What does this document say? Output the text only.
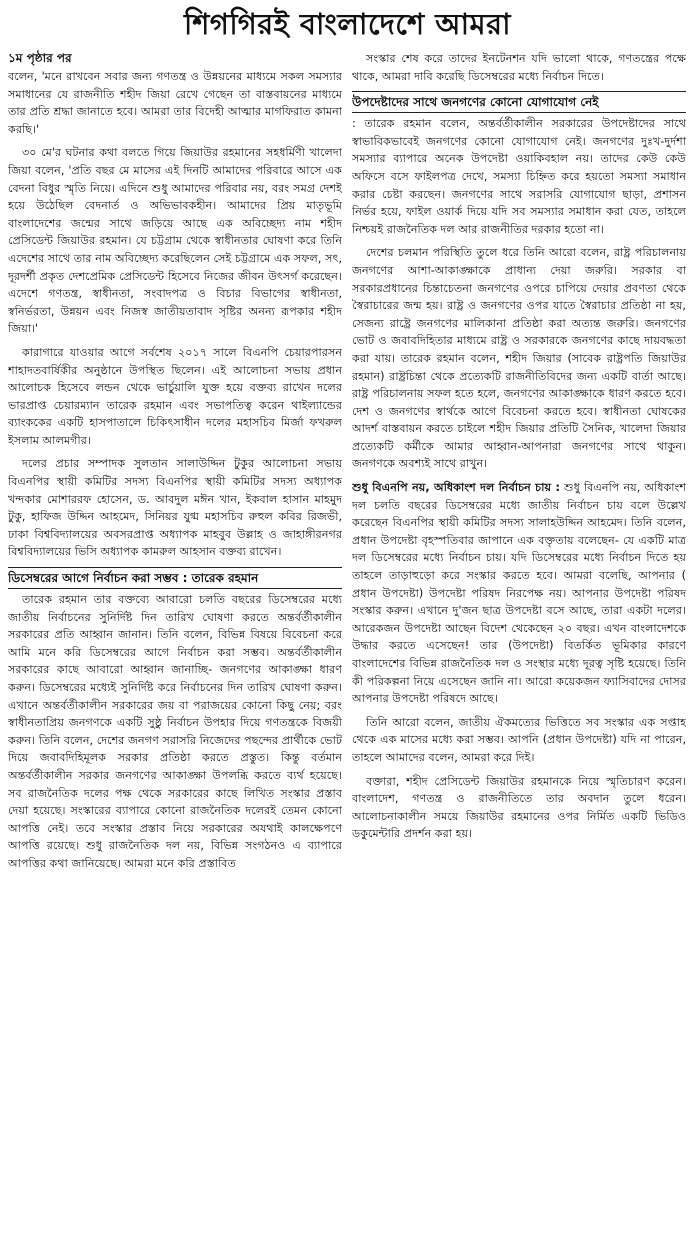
শিগগিরই বাংলাদেশে আমরা
১ম পৃষ্ঠার পর

বলেন, 'মনে রাখবেন সবার জন্য গণতন্ত্র ও উন্নয়নের মাধ্যমে সকল সমস্যার সমাধানের যে রাজনীতি শহীদ জিয়া রেখে গেছেন তা বাস্তবায়নের মাধ্যমে তার প্রতি শ্রদ্ধা জানাতে হবে। আমরা তার বিদেহী আত্মার মাগফিরাত কামনা করছি।'

৩০ মে'র ঘটনার কথা বলতে গিয়ে জিয়াউর রহমানের সহধর্মিণী খালেদা জিয়া বলেন, 'প্রতি বছর মে মাসের এই দিনটি আমাদের পরিবারে আসে এক বেদনা বিধুর স্মৃতি নিয়ে। এদিনে শুধু আমাদের পরিবার নয়, বরং সমগ্র দেশই হয়ে উঠেছিল বেদনার্ত ও অভিভাবকহীন। আমাদের প্রিয় মাতৃভূমি বাংলাদেশের জন্মের সাথে জড়িয়ে আছে এক অবিচ্ছেদ্য নাম শহীদ প্রেসিডেন্ট জিয়াউর রহমান। যে চট্টগ্রাম থেকে স্বাধীনতার ঘোষণা করে তিনি এদেশের সাথে তার নাম অবিচ্ছেদ্য করেছিলেন সেই চট্টগ্রামে এক সফল, সৎ, দূরদর্শী প্রকৃত দেশপ্রেমিক প্রেসিডেন্ট হিসেবে নিজের জীবন উৎসর্গ করেছেন। এদেশে গণতন্ত্র, স্বাধীনতা, সংবাদপত্র ও বিচার বিভাগের স্বাধীনতা, স্বনির্ভরতা, উন্নয়ন এবং নিজস্ব জাতীয়তাবাদ সৃষ্টির অনন্য রূপকার শহীদ জিয়া।'

কারাগারে যাওয়ার আগে সর্বশেষ ২০১৭ সালে বিএনপি চেয়ারপারসন শাহাদতবার্ষিকীর অনুষ্ঠানে উপস্থিত ছিলেন। এই আলোচনা সভায় প্রধান আলোচক হিসেবে লন্ডন থেকে ভার্চুয়ালি যুক্ত হয়ে বক্তব্য রাখেন দলের ভারপ্রাপ্ত চেয়ারম্যান তারেক রহমান এবং সভাপতিত্ব করেন থাইল্যান্ডের ব্যাংককের একটি হাসপাতালে চিকিৎসাধীন দলের মহাসচিব মির্জা ফখরুল ইসলাম আলমগীর।

দলের প্রচার সম্পাদক সুলতান সালাউদ্দিন টুকুর আলোচনা সভায় বিএনপির স্থায়ী কমিটির সদস্য বিএনপির স্থায়ী কমিটির সদস্য অধ্যাপক খন্দকার মোশাররফ হোসেন, ড. আবদুল মঈন খান, ইকবাল হাসান মাহমুদ টুকু, হাফিজ উদ্দিন আহমেদ, সিনিয়র যুগ্ম মহাসচিব রুহুল কবির রিজভী, ঢাকা বিশ্ববিদ্যালয়ের অবসরপ্রাপ্ত অধ্যাপক মাহবুব উল্লাহ ও জাহাঙ্গীরনগর বিশ্ববিদ্যালয়ের ভিসি অধ্যাপক কামরুল আহসান বক্তব্য রাখেন।

ডিসেম্বরের আগে নির্বাচন করা সম্ভব : তারেক রহমান

তারেক রহমান তার বক্তব্যে আবারো চলতি বছরের ডিসেম্বরের মধ্যে জাতীয় নির্বাচনের সুনির্দিষ্ট দিন তারিখ ঘোষণা করতে অন্তর্বর্তীকালীন সরকারের প্রতি আহ্বান জানান। তিনি বলেন, বিভিন্ন বিষয়ে বিবেচনা করে আমি মনে করি ডিসেম্বরের আগে নির্বাচন করা সম্ভব। অন্তর্বর্তীকালীন সরকারের কাছে আবারো আহ্বান জানাচ্ছি- জনগণের আকাঙ্ক্ষা ধারণ করুন। ডিসেম্বরের মধ্যেই সুনির্দিষ্ট করে নির্বাচনের দিন তারিখ ঘোষণা করুন। এখানে অন্তর্বর্তীকালীন সরকারের জয় বা পরাজয়ের কোনো কিছু নেয়; বরং স্বাধীনতাপ্রিয় জনগণকে একটি সুষ্ঠু নির্বাচন উপহার দিয়ে গণতন্ত্রকে বিজয়ী করুন। তিনি বলেন, দেশের জনগণ সরাসরি নিজেদের পছন্দের প্রার্থীকে ভোট দিয়ে জবাবদিহিমূলক সরকার প্রতিষ্ঠা করতে প্রস্তুত। কিন্তু বর্তমান অন্তর্বর্তীকালীন সরকার জনগণের আকাঙ্ক্ষা উপলব্ধি করতে ব্যর্থ হয়েছে। সব রাজনৈতিক দলের পক্ষ থেকে সরকারের কাছে লিখিত সংস্কার প্রস্তাব দেয়া হয়েছে। সংস্কারের ব্যাপারে কোনো রাজনৈতিক দলেরই তেমন কোনো আপত্তি নেই। তবে সংস্কার প্রস্তাব নিয়ে সরকারের অযথাই কালক্ষেপণে আপত্তি রয়েছে। শুধু রাজনৈতিক দল নয়, বিভিন্ন সংগঠনও এ ব্যাপারে আপত্তির কথা জানিয়েছে। আমরা মনে করি প্রস্তাবিত

সংস্কার শেষ করে তাদের ইনটেনশন যদি ভালো থাকে, গণতন্ত্রের পক্ষে থাকে, আমরা দাবি করেছি ডিসেম্বরের মধ্যে নির্বাচন দিতে।

উপদেষ্টাদের সাথে জনগণের কোনো যোগাযোগ নেই

: তারেক রহমান বলেন, অন্তর্বর্তীকালীন সরকারের উপদেষ্টাদের সাথে স্বাভাবিকভাবেই জনগণের কোনো যোগাযোগ নেই। জনগণের দুঃখ-দুর্দশা সমস্যার ব্যাপারে অনেক উপদেষ্টা ওয়াকিবহাল নয়। তাদের কেউ কেউ অফিসে বসে ফাইলপত্র দেখে, সমস্যা চিহ্নিত করে হয়তো সমস্যা সমাধান করার চেষ্টা করছেন। জনগণের সাথে সরাসরি যোগাযোগ ছাড়া, প্রশাসন নির্ভর হয়ে, ফাইল ওয়ার্ক দিয়ে যদি সব সমস্যার সমাধান করা যেত, তাহলে নিশ্চয়ই রাজনৈতিক দল আর রাজনীতির দরকার হতো না।

দেশের চলমান পরিস্থিতি তুলে ধরে তিনি আরো বলেন, রাষ্ট্র পরিচালনায় জনগণের আশা-আকাঙ্ক্ষাকে প্রাধান্য দেয়া জরুরি। সরকার বা সরকারপ্রধানের চিন্তাচেতনা জনগণের ওপরে চাপিয়ে দেয়ার প্রবণতা থেকে স্বৈরাচারের জন্ম হয়। রাষ্ট্র ও জনগণের ওপর যাতে স্বৈরাচার প্রতিষ্ঠা না হয়, সেজন্য রাষ্ট্রে জনগণের মালিকানা প্রতিষ্ঠা করা অত্যন্ত জরুরি। জনগণের ভোট ও জবাবদিহিতার মাধ্যমে রাষ্ট্র ও সরকারকে জনগণের কাছে দায়বদ্ধতা করা যায়। তারেক রহমান বলেন, শহীদ জিয়ার (সাবেক রাষ্ট্রপতি জিয়াউর রহমান) রাষ্ট্রচিন্তা থেকে প্রত্যেকটি রাজনীতিবিদের জন্য একটি বার্তা আছে। রাষ্ট্র পরিচালনায় সফল হতে হলে, জনগণের আকাঙ্ক্ষাকে ধারণ করতে হবে। দেশ ও জনগণের স্বার্থকে আগে বিবেচনা করতে হবে। স্বাধীনতা ঘোষকের আদর্শ বাস্তবায়ন করতে চাইলে শহীদ জিয়ার প্রতিটি সৈনিক, খালেদা জিয়ার প্রত্যেকটি কর্মীকে আমার আহ্বান-আপনারা জনগণের সাথে থাকুন। জনগণকে অবশ্যই সাথে রাখুন।

শুধু বিএনপি নয়, অধিকাংশ দল নির্বাচন চায় : শুধু বিএনপি নয়, অধিকাংশ দল চলতি বছরের ডিসেম্বরের মধ্যে জাতীয় নির্বাচন চায় বলে উল্লেখ করেছেন বিএনপির স্থায়ী কমিটির সদস্য সালাহউদ্দিন আহমেদ। তিনি বলেন, প্রধান উপদেষ্টা বৃহস্পতিবার জাপানে এক বক্তৃতায় বলেছেন- যে একটি মাত্র দল ডিসেম্বরের মধ্যে নির্বাচন চায়। যদি ডিসেম্বরের মধ্যে নির্বাচন দিতে হয় তাহলে তাড়াহুড়ো করে সংস্কার করতে হবে। আমরা বলেছি, আপনার ( প্রধান উপদেষ্টা) উপদেষ্টা পরিষদ নিরপেক্ষ নয়। আপনার উপদেষ্টা পরিষদ সংস্কার করুন। এখানে দু'জন ছাত্র উপদেষ্টা বসে আছে, তারা একটা দলের। আরেকজন উপদেষ্টা আছেন বিদেশ থেকেছেন ২০ বছর। এখন বাংলাদেশকে উদ্ধার করতে এসেছেন! তার (উপদেষ্টা) বিতর্কিত ভূমিকার কারণে বাংলাদেশের বিভিন্ন রাজনৈতিক দল ও সংস্থার মধ্যে দূরত্ব সৃষ্টি হয়েছে। তিনি কী পরিকল্পনা নিয়ে এসেছেন জানি না। আরো কয়েকজন ফ্যাসিবাদের দোসর আপনার উপদেষ্টা পরিষদে আছে।

তিনি আরো বলেন, জাতীয় ঐকমত্যের ভিত্তিতে সব সংস্কার এক সপ্তাহ থেকে এক মাসের মধ্যে করা সম্ভব। আপনি (প্রধান উপদেষ্টা) যদি না পারেন, তাহলে আমাদের বলেন, আমরা করে দিই।

বক্তারা, শহীদ প্রেসিডেন্ট জিয়াউর রহমানকে নিয়ে স্মৃতিচারণ করেন। বাংলাদেশ, গণতন্ত্র ও রাজনীতিতে তার অবদান তুলে ধরেন। আলোচনাকালীন সময়ে জিয়াউর রহমানের ওপর নির্মিত একটি ভিডিও ডকুমেন্টারি প্রদর্শন করা হয়।
